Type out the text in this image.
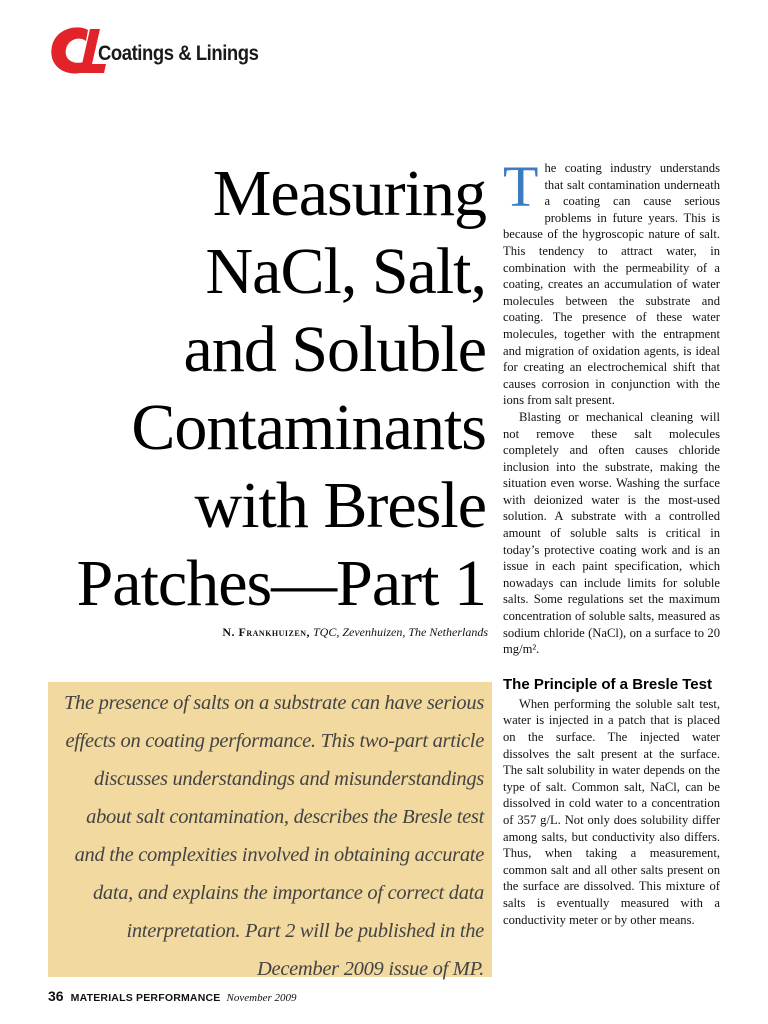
Coatings & Linings
Measuring
NaCl, Salt,
and Soluble
Contaminants
with Bresle
Patches—Part 1
N. Frankhuizen, TQC, Zevenhuizen, The Netherlands
The presence of salts on a substrate can have serious
effects on coating performance. This two-part article
discusses understandings and misunderstandings
about salt contamination, describes the Bresle test
and the complexities involved in obtaining accurate
data, and explains the importance of correct data
interpretation. Part 2 will be published in the
December 2009 issue of MP.

The coating industry understands that salt contamination underneath a coating can cause serious problems in future years. This is because of the hygroscopic nature of salt. This tendency to attract water, in combination with the permeability of a coating, creates an accumulation of water molecules between the substrate and coating. The presence of these water molecules, together with the entrapment and migration of oxidation agents, is ideal for creating an electrochemical shift that causes corrosion in conjunction with the ions from salt present.

Blasting or mechanical cleaning will not remove these salt molecules completely and often causes chloride inclusion into the substrate, making the situation even worse. Washing the surface with deionized water is the most-used solution. A substrate with a controlled amount of soluble salts is critical in today’s protective coating work and is an issue in each paint specification, which nowadays can include limits for soluble salts. Some regulations set the maximum concentration of soluble salts, measured as sodium chloride (NaCl), on a surface to 20 mg/m².

The Principle of a Bresle Test

When performing the soluble salt test, water is injected in a patch that is placed on the surface. The injected water dissolves the salt present at the surface. The salt solubility in water depends on the type of salt. Common salt, NaCl, can be dissolved in cold water to a concentration of 357 g/L. Not only does solubility differ among salts, but conductivity also differs. Thus, when taking a measurement, common salt and all other salts present on the surface are dissolved. This mixture of salts is eventually measured with a conductivity meter or by other means.

36 MATERIALS PERFORMANCE November 2009
